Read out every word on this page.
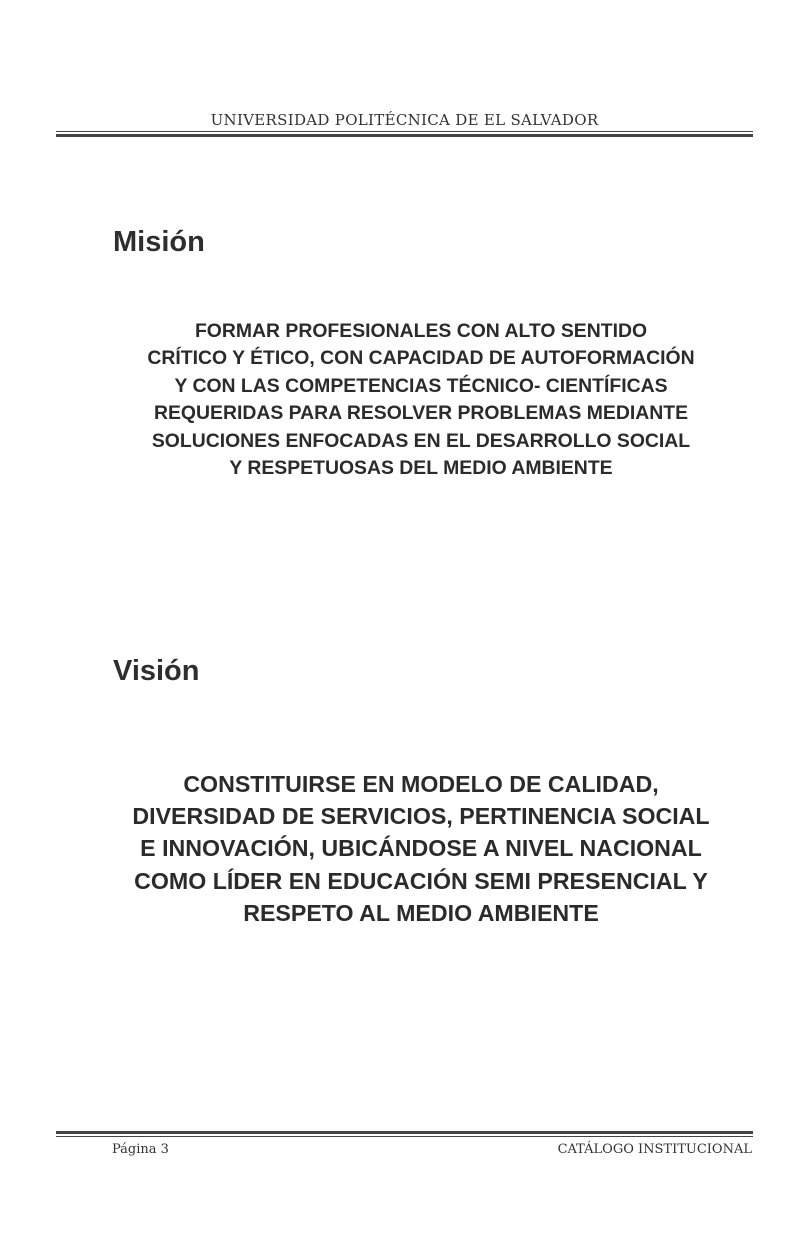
UNIVERSIDAD POLITÉCNICA DE EL SALVADOR
Misión

FORMAR PROFESIONALES CON ALTO SENTIDO
CRÍTICO Y ÉTICO, CON CAPACIDAD DE AUTOFORMACIÓN
Y CON LAS COMPETENCIAS TÉCNICO- CIENTÍFICAS
REQUERIDAS PARA RESOLVER PROBLEMAS MEDIANTE
SOLUCIONES ENFOCADAS EN EL DESARROLLO SOCIAL
Y RESPETUOSAS DEL MEDIO AMBIENTE

Visión

CONSTITUIRSE EN MODELO DE CALIDAD,
DIVERSIDAD DE SERVICIOS, PERTINENCIA SOCIAL
E INNOVACIÓN, UBICÁNDOSE A NIVEL NACIONAL
COMO LÍDER EN EDUCACIÓN SEMI PRESENCIAL Y
RESPETO AL MEDIO AMBIENTE

Página 3	CATÁLOGO INSTITUCIONAL
